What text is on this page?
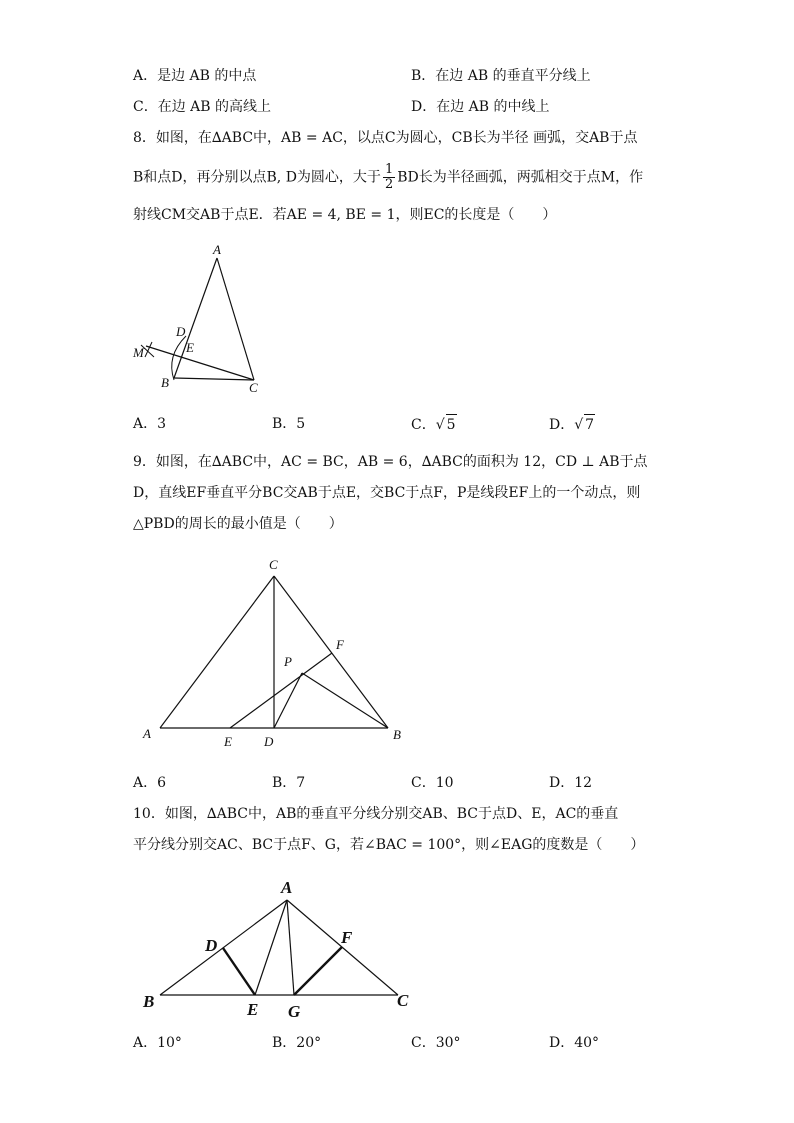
A．是边 AB 的中点	B．在边 AB 的垂直平分线上
C．在边 AB 的高线上	D．在边 AB 的中线上
8．如图，在∆ABC中，AB = AC，以点C为圆心，CB长为半径 画弧，交AB于点
B和点D，再分别以点B, D为圆心，大于 $\frac{1}{2}$ BD长为半径画弧，两弧相交于点M，作
射线CM交AB于点E．若AE = 4, BE = 1，则EC的长度是（　　）
A
D
E
M
B	C
A．3	B．5	C．√ 5	D．√ 7
9．如图，在∆ABC中，AC = BC，AB = 6，∆ABC的面积为 12，CD ⊥ AB于点
D，直线EF垂直平分BC交AB于点E，交BC于点F，P是线段EF上的一个动点，则
△PBD的周长的最小值是（　　）
C
F
P
A
E D	B
A．6	B．7	C．10	D．12
10．如图，∆ABC中，AB的垂直平分线分别交AB、BC于点D、E，AC的垂直
平分线分别交AC、BC于点F、G，若∠BAC = 100°，则∠EAG的度数是（　　）
A
D	F
B	E G
C
A．10°	B．20°	C．30°	D．40°
